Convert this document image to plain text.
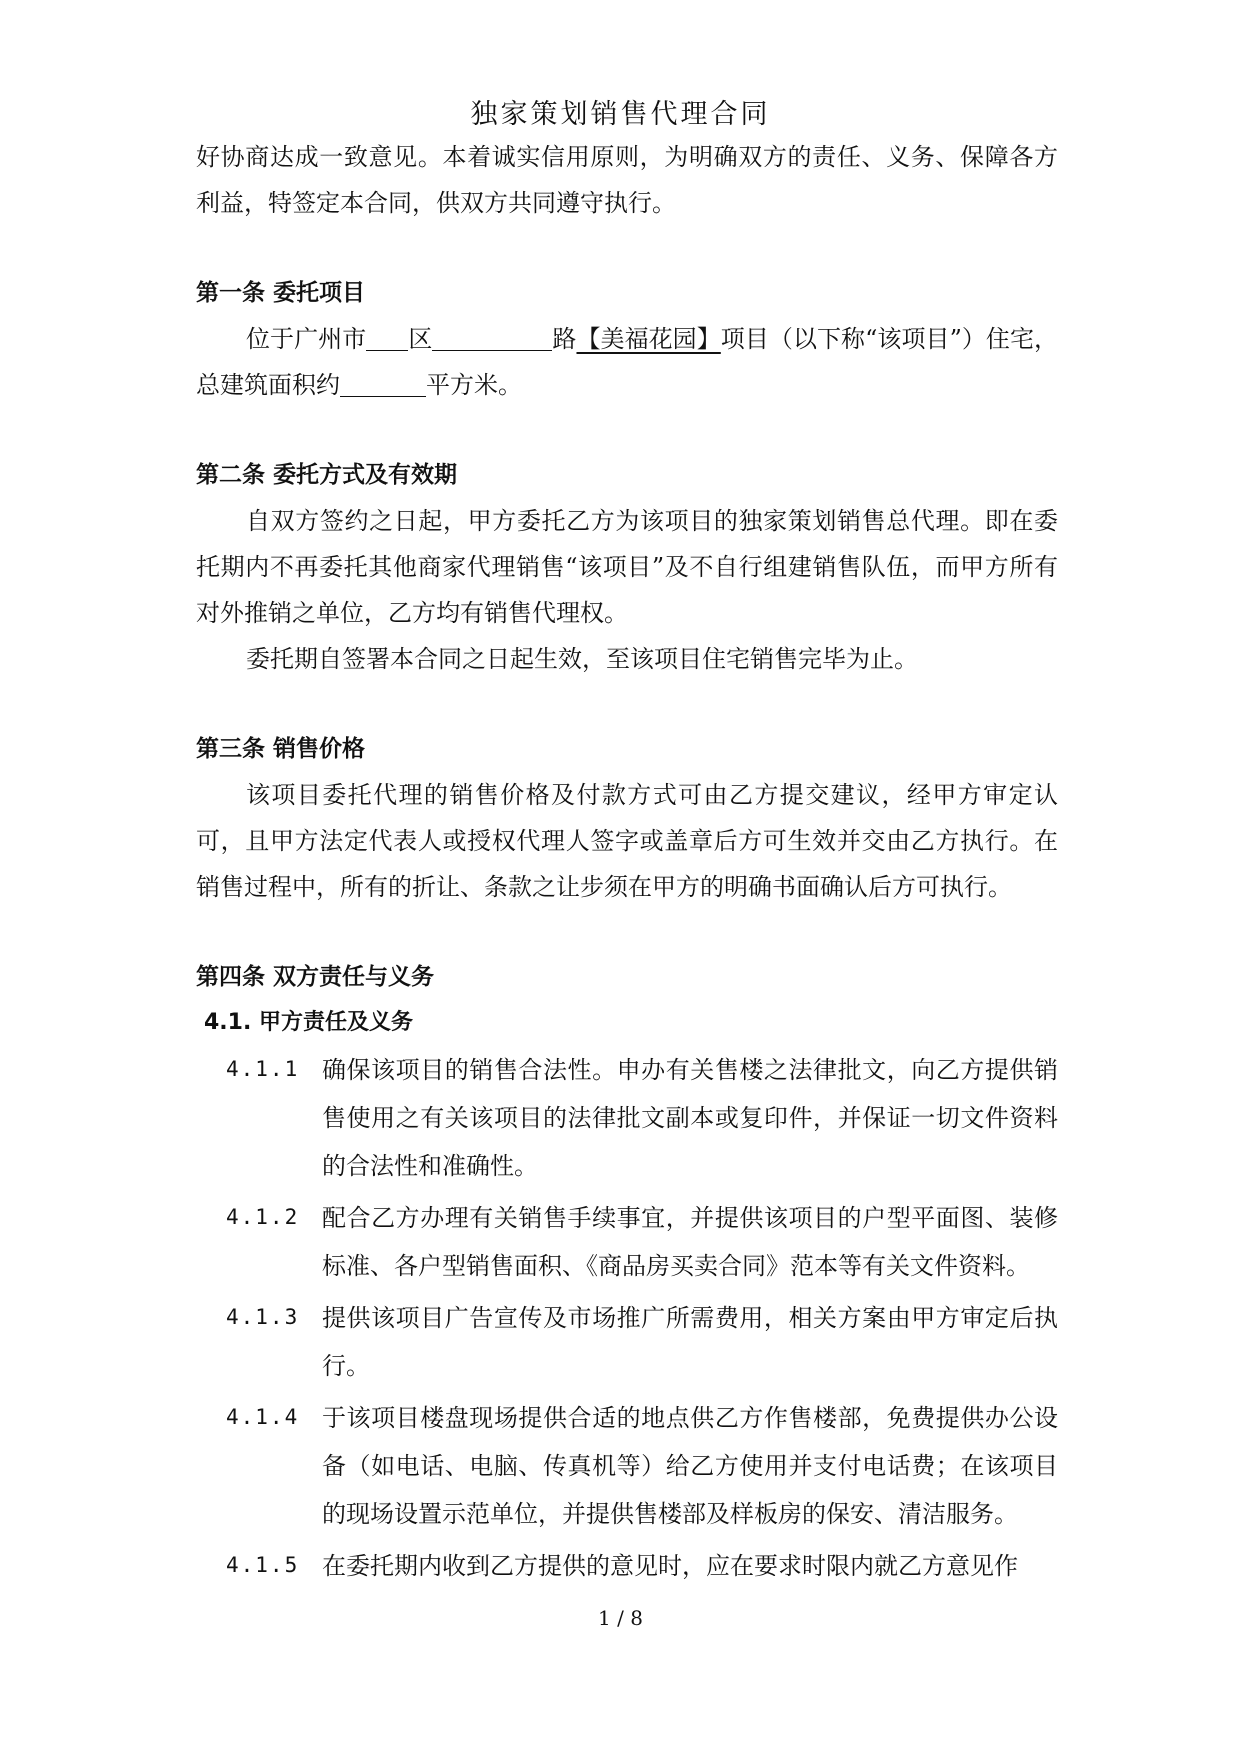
独家策划销售代理合同

好协商达成一致意见。本着诚实信用原则，为明确双方的责任、义务、保障各方利益，特签定本合同，供双方共同遵守执行。

第一条 委托项目

位于广州市 区	路【美福花园】项目（以下称“该项目”）住宅，总建筑面积约	平方米。

第二条 委托方式及有效期

自双方签约之日起，甲方委托乙方为该项目的独家策划销售总代理。即在委托期内不再委托其他商家代理销售“该项目”及不自行组建销售队伍，而甲方所有对外推销之单位，乙方均有销售代理权。

委托期自签署本合同之日起生效，至该项目住宅销售完毕为止。

第三条 销售价格

该项目委托代理的销售价格及付款方式可由乙方提交建议，经甲方审定认可，且甲方法定代表人或授权代理人签字或盖章后方可生效并交由乙方执行。在销售过程中，所有的折让、条款之让步须在甲方的明确书面确认后方可执行。

第四条 双方责任与义务

4.1. 甲方责任及义务

4.1.1 确保该项目的销售合法性。申办有关售楼之法律批文，向乙方提供销售使用之有关该项目的法律批文副本或复印件，并保证一切文件资料的合法性和准确性。

4.1.2 配合乙方办理有关销售手续事宜，并提供该项目的户型平面图、装修标准、各户型销售面积、《商品房买卖合同》范本等有关文件资料。

4.1.3 提供该项目广告宣传及市场推广所需费用，相关方案由甲方审定后执行。

4.1.4 于该项目楼盘现场提供合适的地点供乙方作售楼部，免费提供办公设备（如电话、电脑、传真机等）给乙方使用并支付电话费；在该项目的现场设置示范单位，并提供售楼部及样板房的保安、清洁服务。

4.1.5 在委托期内收到乙方提供的意见时，应在要求时限内就乙方意见作

1 / 8
